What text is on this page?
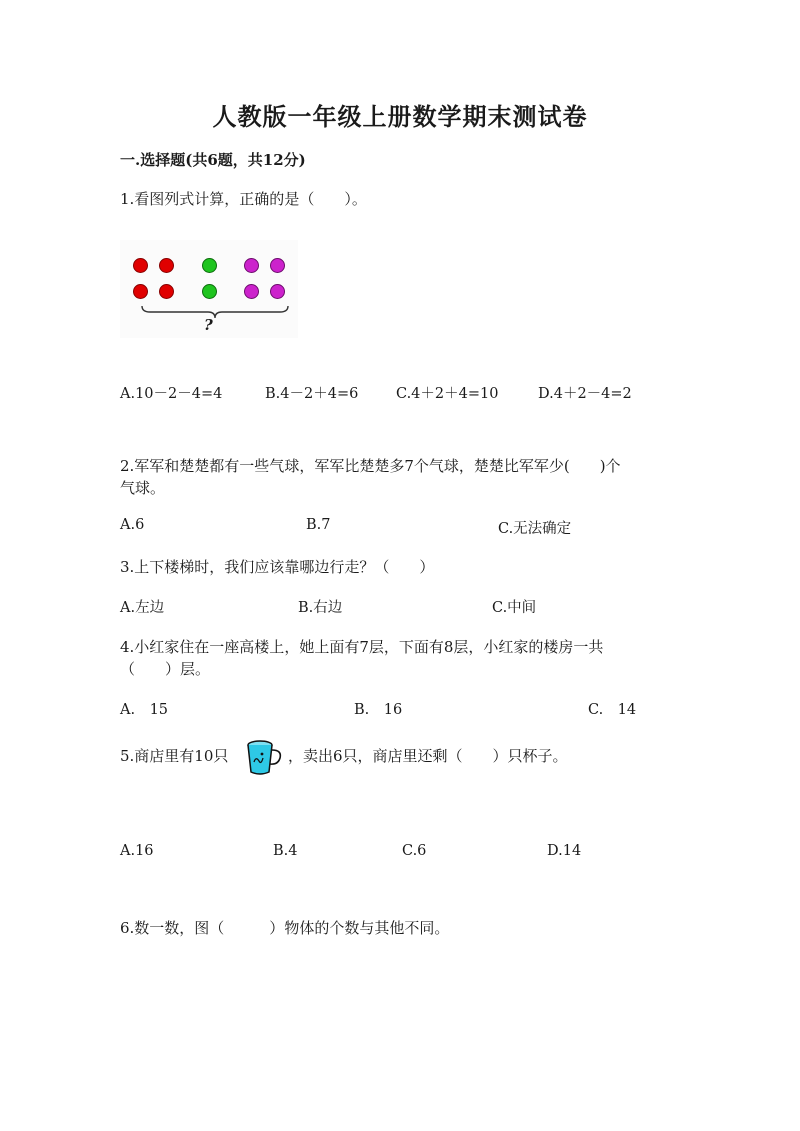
人教版一年级上册数学期末测试卷
一.选择题(共6题，共12分)
1.看图列式计算，正确的是（　　）。
?
A.10－2－4=4	B.4－2＋4=6	C.4＋2＋4=10	D.4＋2－4=2
2.军军和楚楚都有一些气球，军军比楚楚多7个气球，楚楚比军军少(　　)个
气球。
A.6	B.7	C.无法确定
3.上下楼梯时，我们应该靠哪边行走？（　　）
A.左边	B.右边	C.中间
4.小红家住在一座高楼上，她上面有7层，下面有8层，小红家的楼房一共
（　　）层。
A.　15	B.　16	C.　14
5.商店里有10只	，卖出6只，商店里还剩（　　）只杯子。
A.16	B.4	C.6	D.14
6.数一数，图（　　　）物体的个数与其他不同。
